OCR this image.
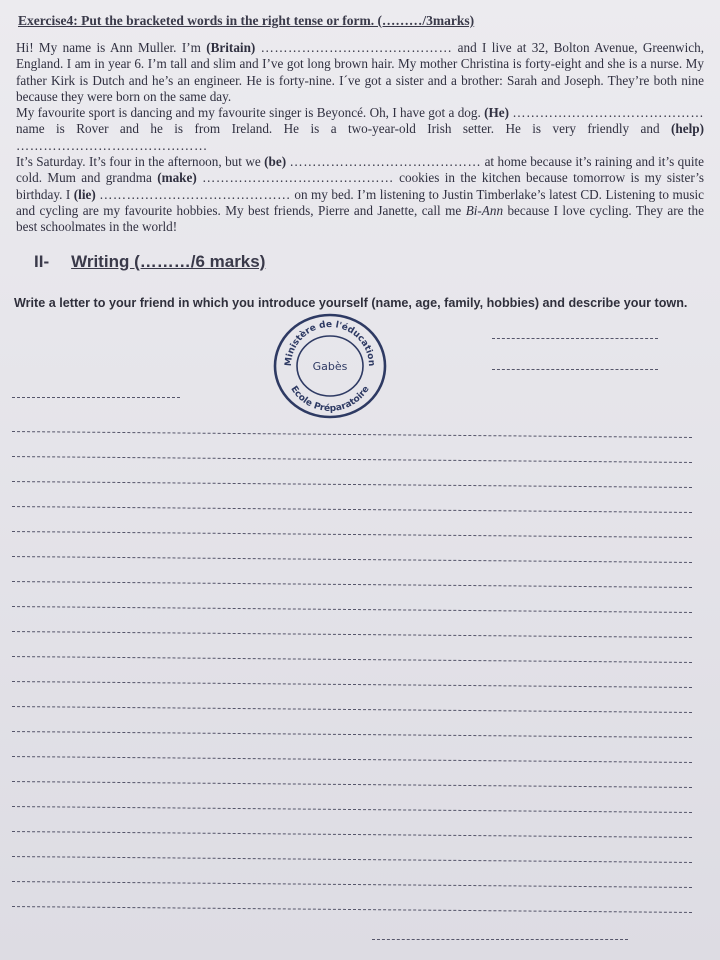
Exercise4: Put the bracketed words in the right tense or form. (………/3marks)

Hi! My name is Ann Muller. I’m (Britain) …………………………………… and I live at 32, Bolton Avenue, Greenwich, England. I am in year 6. I’m tall and slim and I’ve got long brown hair. My mother Christina is forty-eight and she is a nurse. My father Kirk is Dutch and he’s an engineer. He is forty-nine. I´ve got a sister and a brother: Sarah and Joseph. They’re both nine because they were born on the same day.
My favourite sport is dancing and my favourite singer is Beyoncé. Oh, I have got a dog. (He) …………………………………… name is Rover and he is from Ireland. He is a two-year-old Irish setter. He is very friendly and (help) ……………………………………
It’s Saturday. It’s four in the afternoon, but we (be) …………………………………… at home because it’s raining and it’s quite cold. Mum and grandma (make) …………………………………… cookies in the kitchen because tomorrow is my sister’s birthday. I (lie) …………………………………… on my bed. I’m listening to Justin Timberlake’s latest CD. Listening to music and cycling are my favourite hobbies. My best friends, Pierre and Janette, call me Bi-Ann because I love cycling. They are the best schoolmates in the world!

II- Writing (………/6 marks)
Write a letter to your friend in which you introduce yourself (name, age, family, hobbies) and describe your town.
Ministère de l'éducation
Ecole Préparatoire
Gabès
